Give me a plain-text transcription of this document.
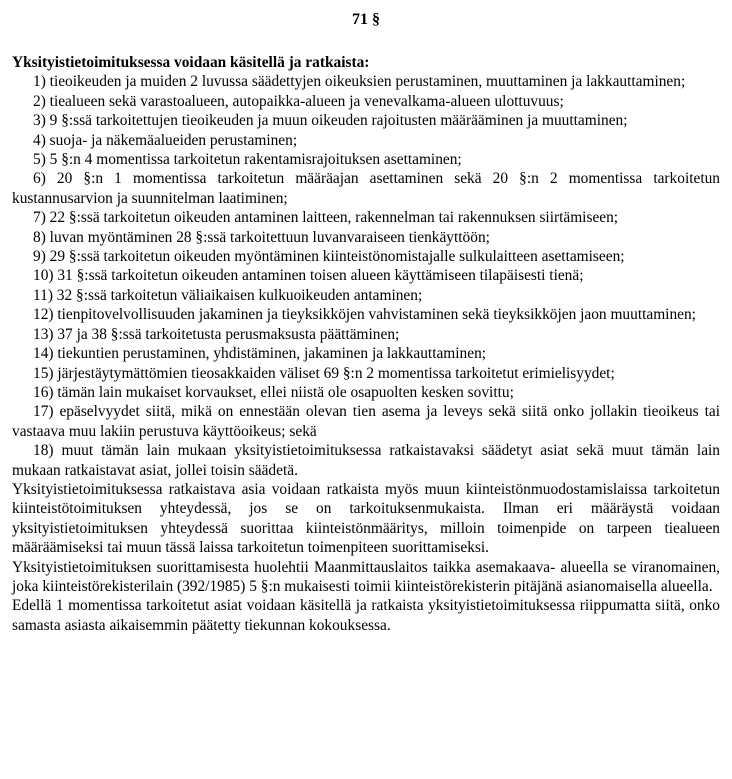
71 §

Yksityistietoimituksessa voidaan käsitellä ja ratkaista:

1) tieoikeuden ja muiden 2 luvussa säädettyjen oikeuksien perustaminen, muuttaminen ja lakkauttaminen;

2) tiealueen sekä varastoalueen, autopaikka-alueen ja venevalkama-alueen ulottuvuus;

3) 9 §:ssä tarkoitettujen tieoikeuden ja muun oikeuden rajoitusten määrääminen ja muuttaminen;

4) suoja- ja näkemäalueiden perustaminen;

5) 5 §:n 4 momentissa tarkoitetun rakentamisrajoituksen asettaminen;

6) 20 §:n 1 momentissa tarkoitetun määräajan asettaminen sekä 20 §:n 2 momentissa tarkoitetun kustannusarvion ja suunnitelman laatiminen;

7) 22 §:ssä tarkoitetun oikeuden antaminen laitteen, rakennelman tai rakennuksen siirtämiseen;

8) luvan myöntäminen 28 §:ssä tarkoitettuun luvanvaraiseen tienkäyttöön;

9) 29 §:ssä tarkoitetun oikeuden myöntäminen kiinteistönomistajalle sulkulaitteen asettamiseen;

10) 31 §:ssä tarkoitetun oikeuden antaminen toisen alueen käyttämiseen tilapäisesti tienä;

11) 32 §:ssä tarkoitetun väliaikaisen kulkuoikeuden antaminen;

12) tienpitovelvollisuuden jakaminen ja tieyksikköjen vahvistaminen sekä tieyksikköjen jaon muuttaminen;

13) 37 ja 38 §:ssä tarkoitetusta perusmaksusta päättäminen;

14) tiekuntien perustaminen, yhdistäminen, jakaminen ja lakkauttaminen;

15) järjestäytymättömien tieosakkaiden väliset 69 §:n 2 momentissa tarkoitetut erimielisyydet;

16) tämän lain mukaiset korvaukset, ellei niistä ole osapuolten kesken sovittu;

17) epäselvyydet siitä, mikä on ennestään olevan tien asema ja leveys sekä siitä onko jollakin tieoikeus tai vastaava muu lakiin perustuva käyttöoikeus; sekä

18) muut tämän lain mukaan yksityistietoimituksessa ratkaistavaksi säädetyt asiat sekä muut tämän lain mukaan ratkaistavat asiat, jollei toisin säädetä.

Yksityistietoimituksessa ratkaistava asia voidaan ratkaista myös muun kiinteistönmuodostamislaissa tarkoitetun kiinteistötoimituksen yhteydessä, jos se on tarkoituksenmukaista. Ilman eri määräystä voidaan yksityistietoimituksen yhteydessä suorittaa kiinteistönmääritys, milloin toimenpide on tarpeen tiealueen määräämiseksi tai muun tässä laissa tarkoitetun toimenpiteen suorittamiseksi.

Yksityistietoimituksen suorittamisesta huolehtii Maanmittauslaitos taikka asemakaava- alueella se viranomainen, joka kiinteistörekisterilain (392/1985) 5 §:n mukaisesti toimii kiinteistörekisterin pitäjänä asianomaisella alueella.

Edellä 1 momentissa tarkoitetut asiat voidaan käsitellä ja ratkaista yksityistietoimituksessa riippumatta siitä, onko samasta asiasta aikaisemmin päätetty tiekunnan kokouksessa.
